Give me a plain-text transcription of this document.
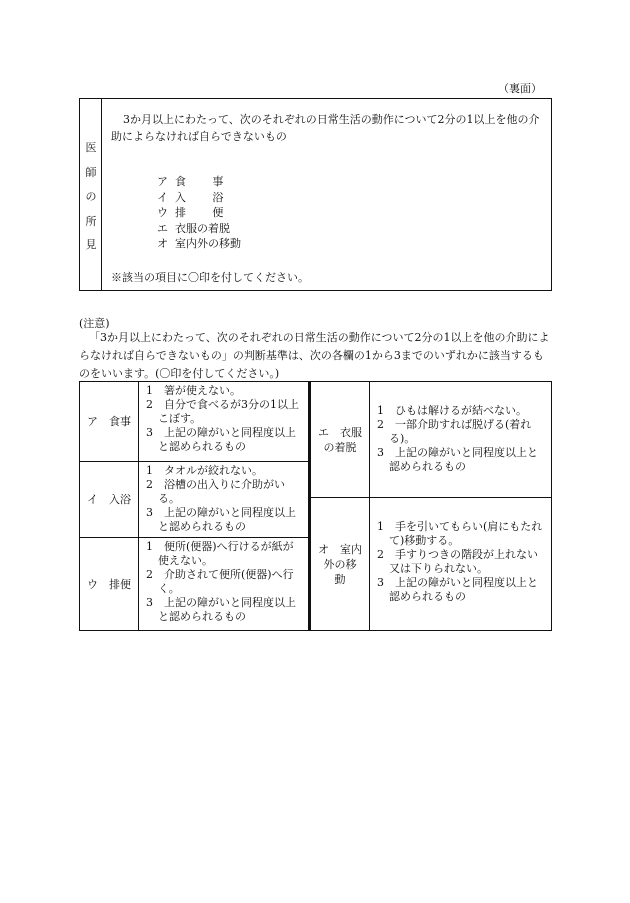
（裏面）
医
師
の
所
見
3か月以上にわたって、次のそれぞれの日常生活の動作について2分の1以上を他の介助によらなければ自らできないもの
ア 食事
イ 入浴
ウ 排便
エ 衣服の着脱
オ 室内外の移動
※該当の項目に〇印を付してください。
(注意)
「3か月以上にわたって、次のそれぞれの日常生活の動作について2分の1以上を他の介助によらなければ自らできないもの」の判断基準は、次の各欄の1から3までのいずれかに該当するものをいいます。(〇印を付してください。)
ア　食事
1　箸が使えない。
2　自分で食べるが3分の1以上こぼす。
3　上記の障がいと同程度以上と認められるもの
イ　入浴
1　タオルが絞れない。
2　浴槽の出入りに介助がいる。
3　上記の障がいと同程度以上と認められるもの
ウ　排便
1　便所(便器)へ行けるが紙が使えない。
2　介助されて便所(便器)へ行く。
3　上記の障がいと同程度以上と認められるもの
エ　衣服
の着脱
1　ひもは解けるが結べない。
2　一部介助すれば脱げる(着れる)。
3　上記の障がいと同程度以上と認められるもの
オ　室内
外の移
動
1　手を引いてもらい(肩にもたれて)移動する。
2　手すりつきの階段が上れない又は下りられない。
3　上記の障がいと同程度以上と認められるもの
